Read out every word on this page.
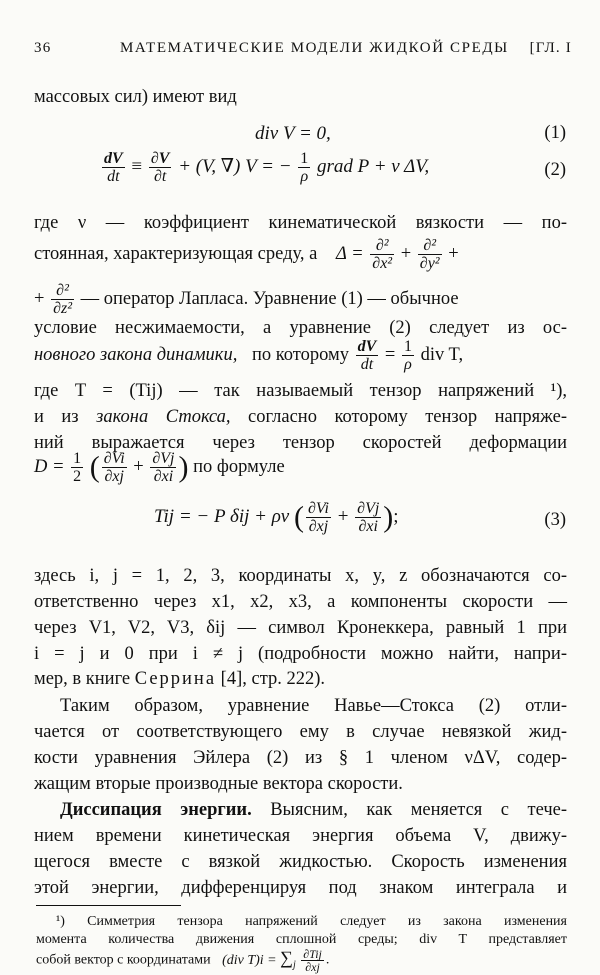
36	МАТЕМАТИЧЕСКИЕ МОДЕЛИ ЖИДКОЙ СРЕДЫ [ГЛ. I
массовых сил) имеют вид
div V = 0,	(1)
$\frac{dV}{dt} \equiv \frac{\partial V}{\partial t} + (V$, ∇) V = − $\frac{1}{\rho}$ grad P + ν ΔV,	(2)
где ν — коэффициент кинематической вязкости — по-
стоянная, характеризующая среду, а $\Delta = \frac{\text{∂²}}{\text{∂x²}} + \frac{\text{∂²}}{\text{∂y²}}$ +
+ $\frac{\text{∂²}}{\text{∂z²}}$ — оператор Лапласа. Уравнение (1) — обычное
условие несжимаемости, а уравнение (2) следует из ос-
новного закона динамики, по которому $\frac{dV}{dt} = \frac{1}{\rho}$ div T,
где T = (Tij) — так называемый тензор напряжений ¹),
и из закона Стокса, согласно которому тензор напряже-
ний выражается через тензор скоростей деформации
$D = \frac{1}{2}$ ( $\frac{\partial Vi}{\partial xj} + \frac{\partial Vj}{\partial xi}$ ) по формуле
Tij = − P δij + ρν ( $\frac{\partial Vi}{\partial xj} + \frac{\partial Vj}{\partial xi}$ );	(3)
здесь i, j = 1, 2, 3, координаты x, y, z обозначаются со-
ответственно через x1, x2, x3, а компоненты скорости —
через V1, V2, V3, δij — символ Кронеккера, равный 1 при
i = j и 0 при i ≠ j (подробности можно найти, напри-
мер, в книге Серрина [4], стр. 222).
Таким образом, уравнение Навье—Стокса (2) отли-
чается от соответствующего ему в случае невязкой жид-
кости уравнения Эйлера (2) из § 1 членом νΔV, содер-
жащим вторые производные вектора скорости.
Диссипация энергии. Выясним, как меняется с тече-
нием времени кинетическая энергия объема V, движу-
щегося вместе с вязкой жидкостью. Скорость изменения
этой энергии, дифференцируя под знаком интеграла и
¹) Симметрия тензора напряжений следует из закона изменения
момента количества движения сплошной среды; div T представляет
собой вектор с координатами (div $T)i = \sum_j \frac{\text{∂Tij}}{\partial xj}$ .
